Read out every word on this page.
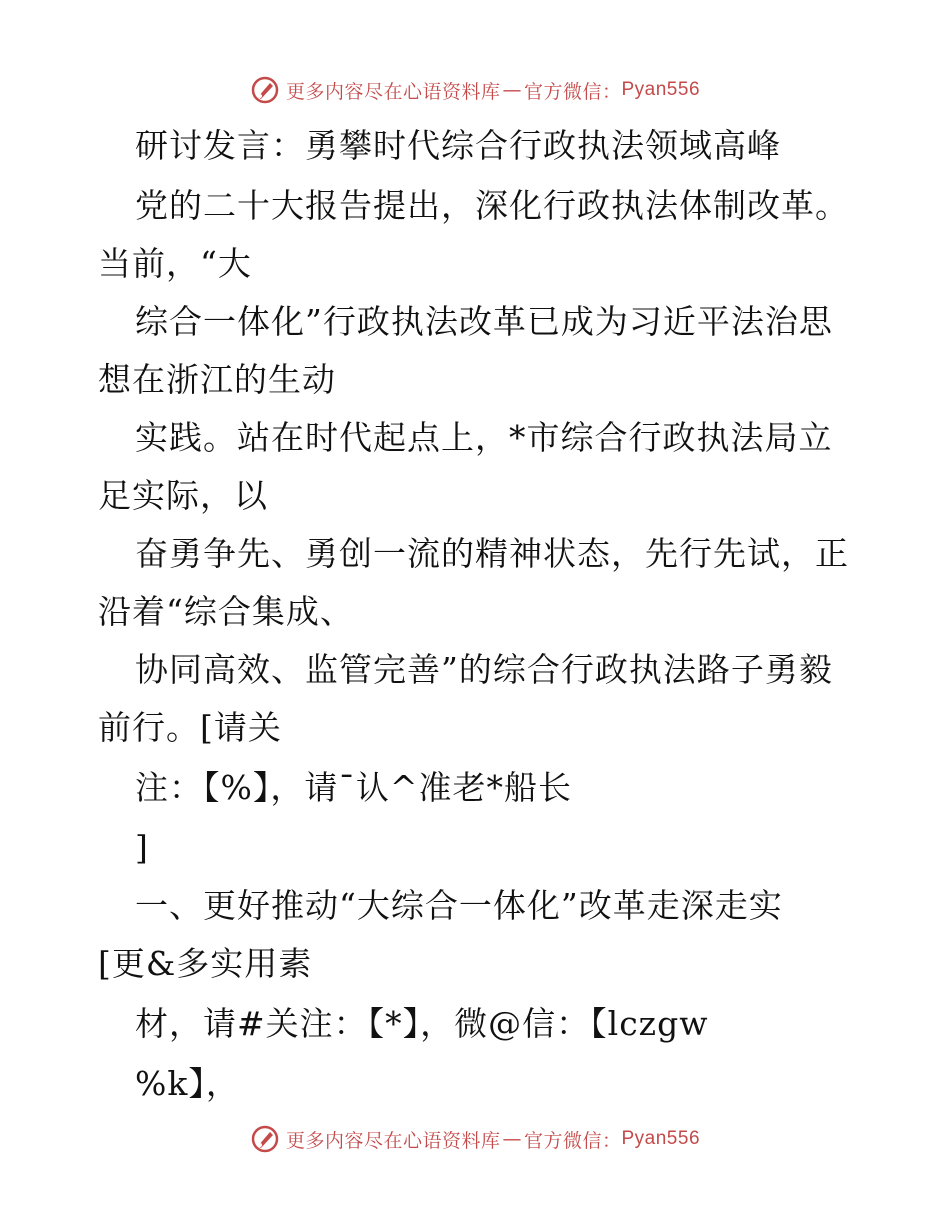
更多内容尽在心语资料库 — 官方微信： Pyan556
研讨发言：勇攀时代综合行政执法领域高峰
党的二十大报告提出，深化行政执法体制改革。
当前，“大
综合一体化”行政执法改革已成为习近平法治思
想在浙江的生动
实践。站在时代起点上，*市综合行政执法局立
足实际，以
奋勇争先、勇创一流的精神状态，先行先试，正
沿着“综合集成、
协同高效、监管完善”的综合行政执法路子勇毅
前行。[请关
注：【%】，请¯认^准老*船长
]
一、更好推动“大综合一体化”改革走深走实
[更&多实用素
材，请#关注：【*】，微@信：【lczgw
%k】，
更多内容尽在心语资料库 — 官方微信： Pyan556
